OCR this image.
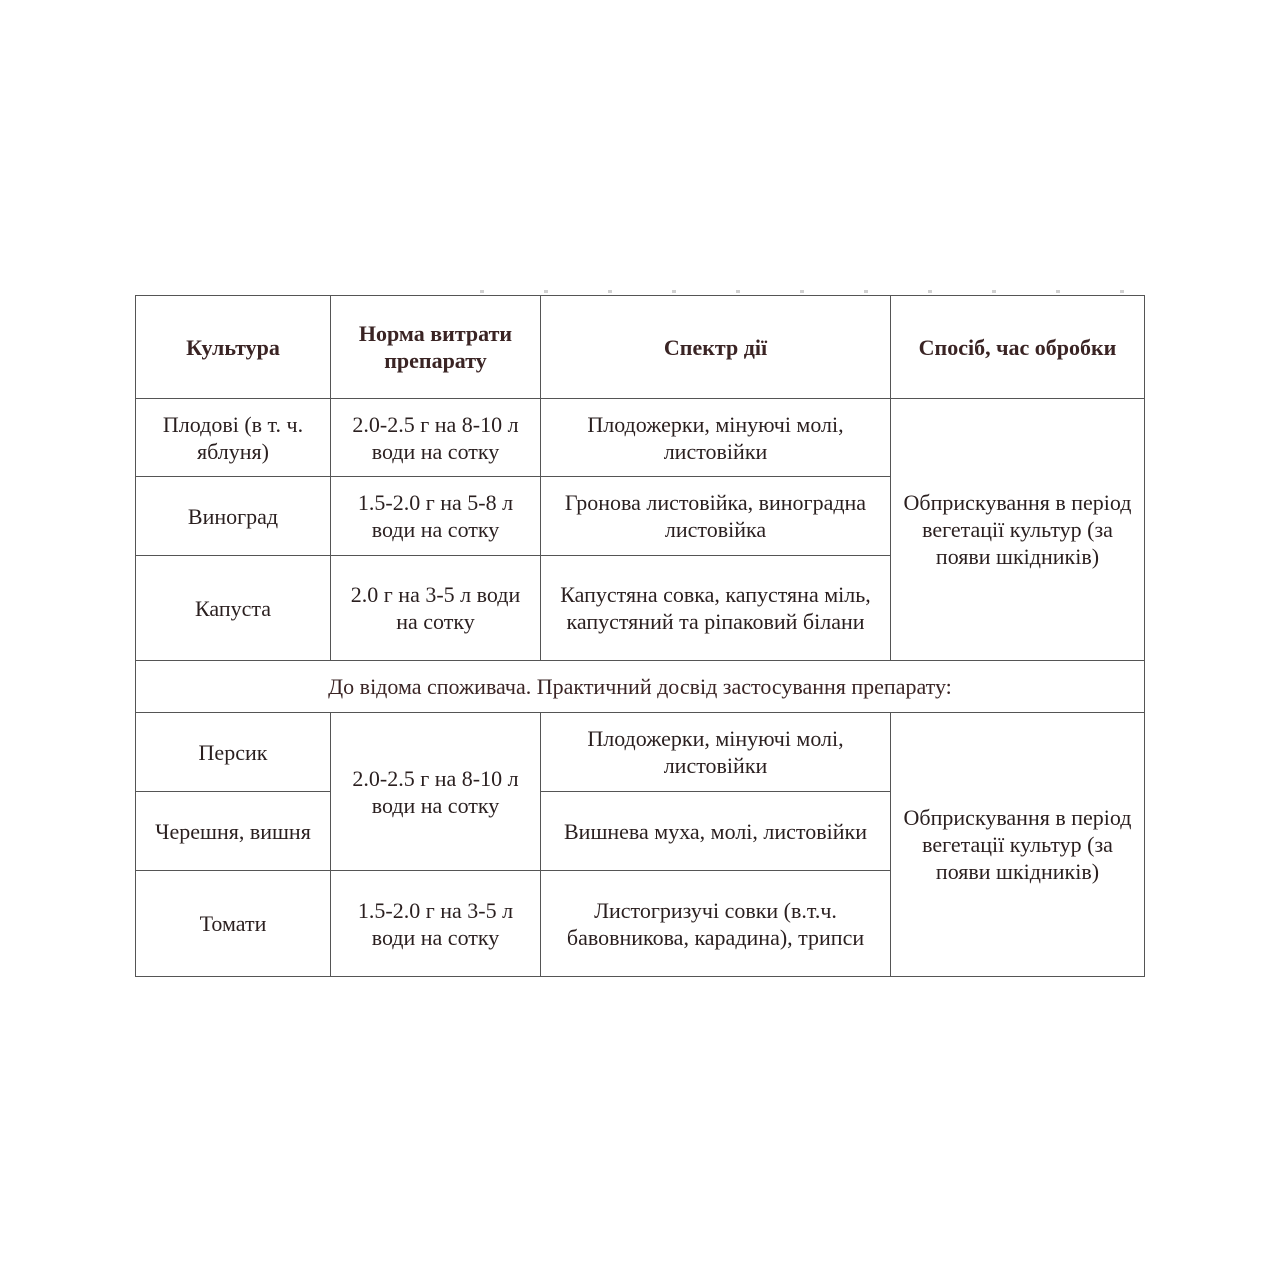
Культура	Норма витрати препарату	Спектр дії	Спосіб, час обробки
Плодові (в т. ч. яблуня)	2.0-2.5 г на 8-10 л води на сотку	Плодожерки, мінуючі молі, листовійки	Обприскування в період вегетації культур (за появи шкідників)
Виноград	1.5-2.0 г на 5-8 л води на сотку	Гронова листовійка, виноградна листовійка	
Капуста	2.0 г на 3-5 л води на сотку	Капустяна совка, капустяна міль, капустяний та ріпаковий білани	
До відома споживача. Практичний досвід застосування препарату:			
Персик	2.0-2.5 г на 8-10 л води на сотку	Плодожерки, мінуючі молі, листовійки	Обприскування в період вегетації культур (за появи шкідників)
Черешня, вишня		Вишнева муха, молі, листовійки	
Томати	1.5-2.0 г на 3-5 л води на сотку	Листогризучі совки (в.т.ч. бавовникова, карадина), трипси	
